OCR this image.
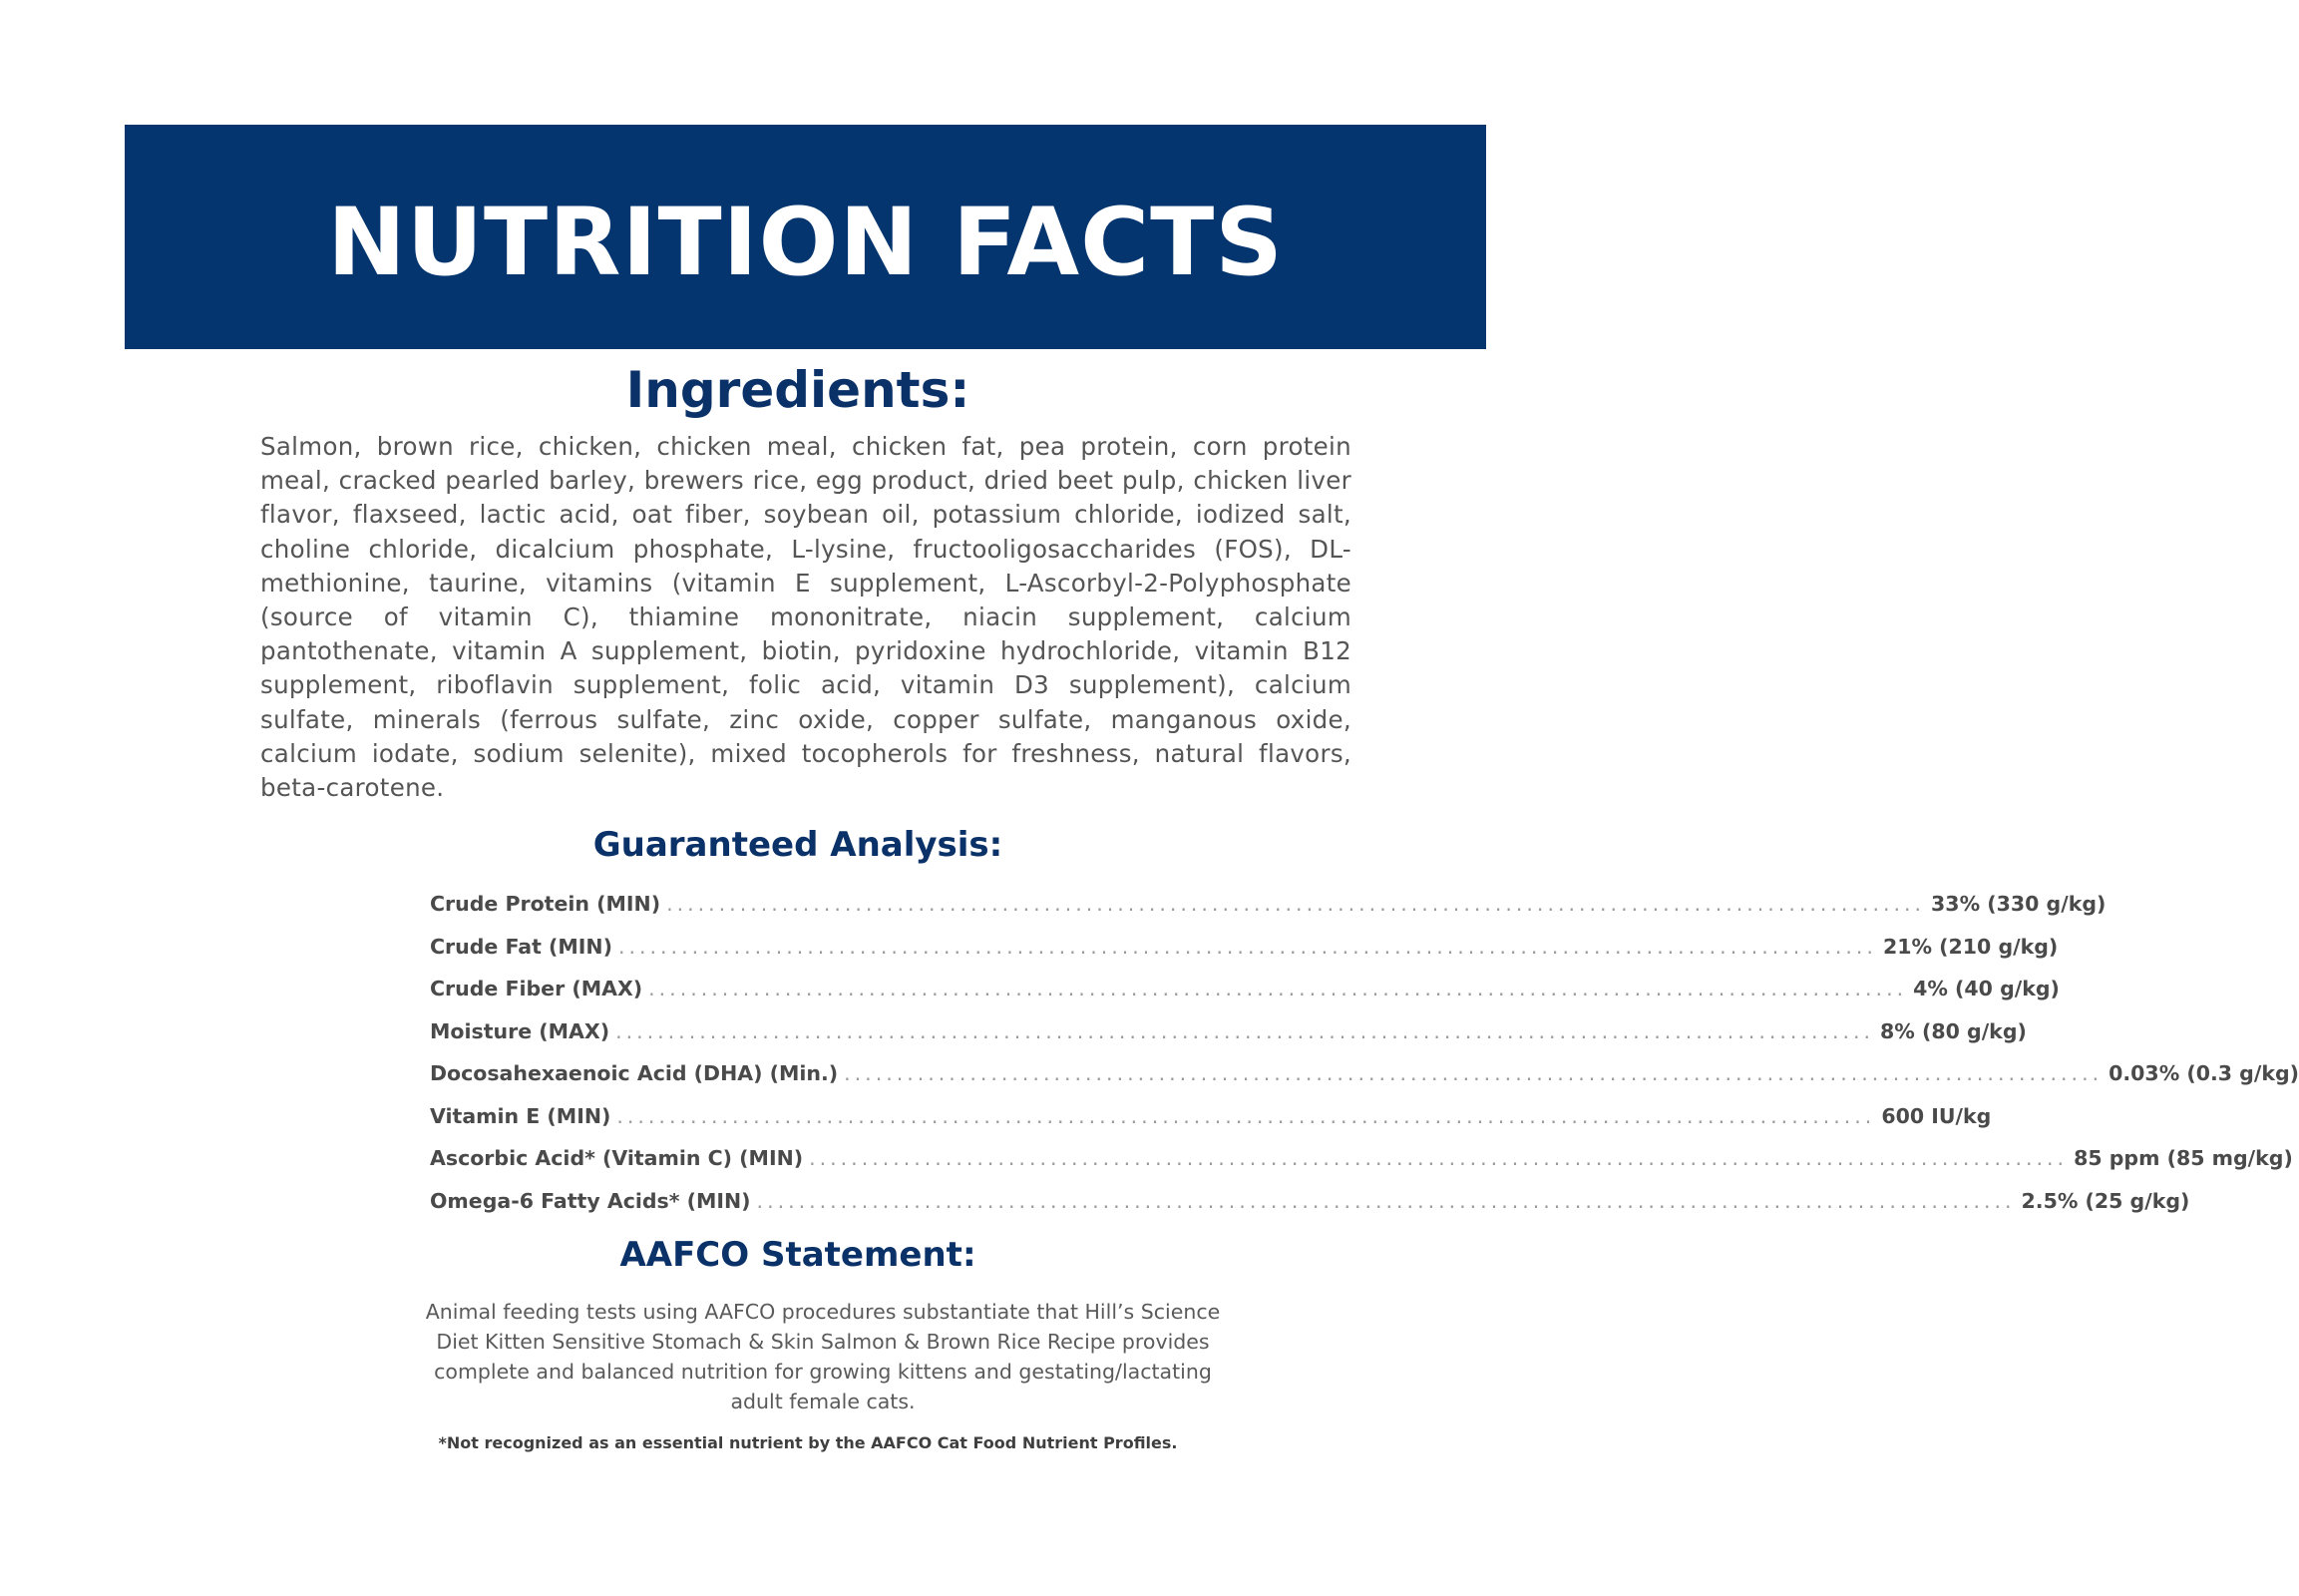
NUTRITION FACTS
Ingredients:
Salmon, brown rice, chicken, chicken meal, chicken fat, pea protein, corn protein meal, cracked pearled barley, brewers rice, egg product, dried beet pulp, chicken liver flavor, flaxseed, lactic acid, oat fiber, soybean oil, potassium chloride, iodized salt, choline chloride, dicalcium phosphate, L-lysine, fructooligosaccharides (FOS), DL-methionine, taurine, vitamins (vitamin E supplement, L-Ascorbyl-2-Polyphosphate (source of vitamin C), thiamine mononitrate, niacin supplement, calcium pantothenate, vitamin A supplement, biotin, pyridoxine hydrochloride, vitamin B12 supplement, riboflavin supplement, folic acid, vitamin D3 supplement), calcium sulfate, minerals (ferrous sulfate, zinc oxide, copper sulfate, manganous oxide, calcium iodate, sodium selenite), mixed tocopherols for freshness, natural flavors, beta-carotene.
Guaranteed Analysis:
Crude Protein (MIN) ........................................................................................................................ 33% (330 g/kg)
Crude Fat (MIN) ........................................................................................................................ 21% (210 g/kg)
Crude Fiber (MAX) ........................................................................................................................ 4% (40 g/kg)
Moisture (MAX) ........................................................................................................................ 8% (80 g/kg)
Docosahexaenoic Acid (DHA) (Min.) ........................................................................................................................ 0.03% (0.3 g/kg)
Vitamin E (MIN) ........................................................................................................................ 600 IU/kg
Ascorbic Acid* (Vitamin C) (MIN) ........................................................................................................................ 85 ppm (85 mg/kg)
Omega-6 Fatty Acids* (MIN) ........................................................................................................................ 2.5% (25 g/kg)
AAFCO Statement:
Animal feeding tests using AAFCO procedures substantiate that Hill’s Science Diet Kitten Sensitive Stomach & Skin Salmon & Brown Rice Recipe provides complete and balanced nutrition for growing kittens and gestating/lactating adult female cats.
*Not recognized as an essential nutrient by the AAFCO Cat Food Nutrient Profiles.
